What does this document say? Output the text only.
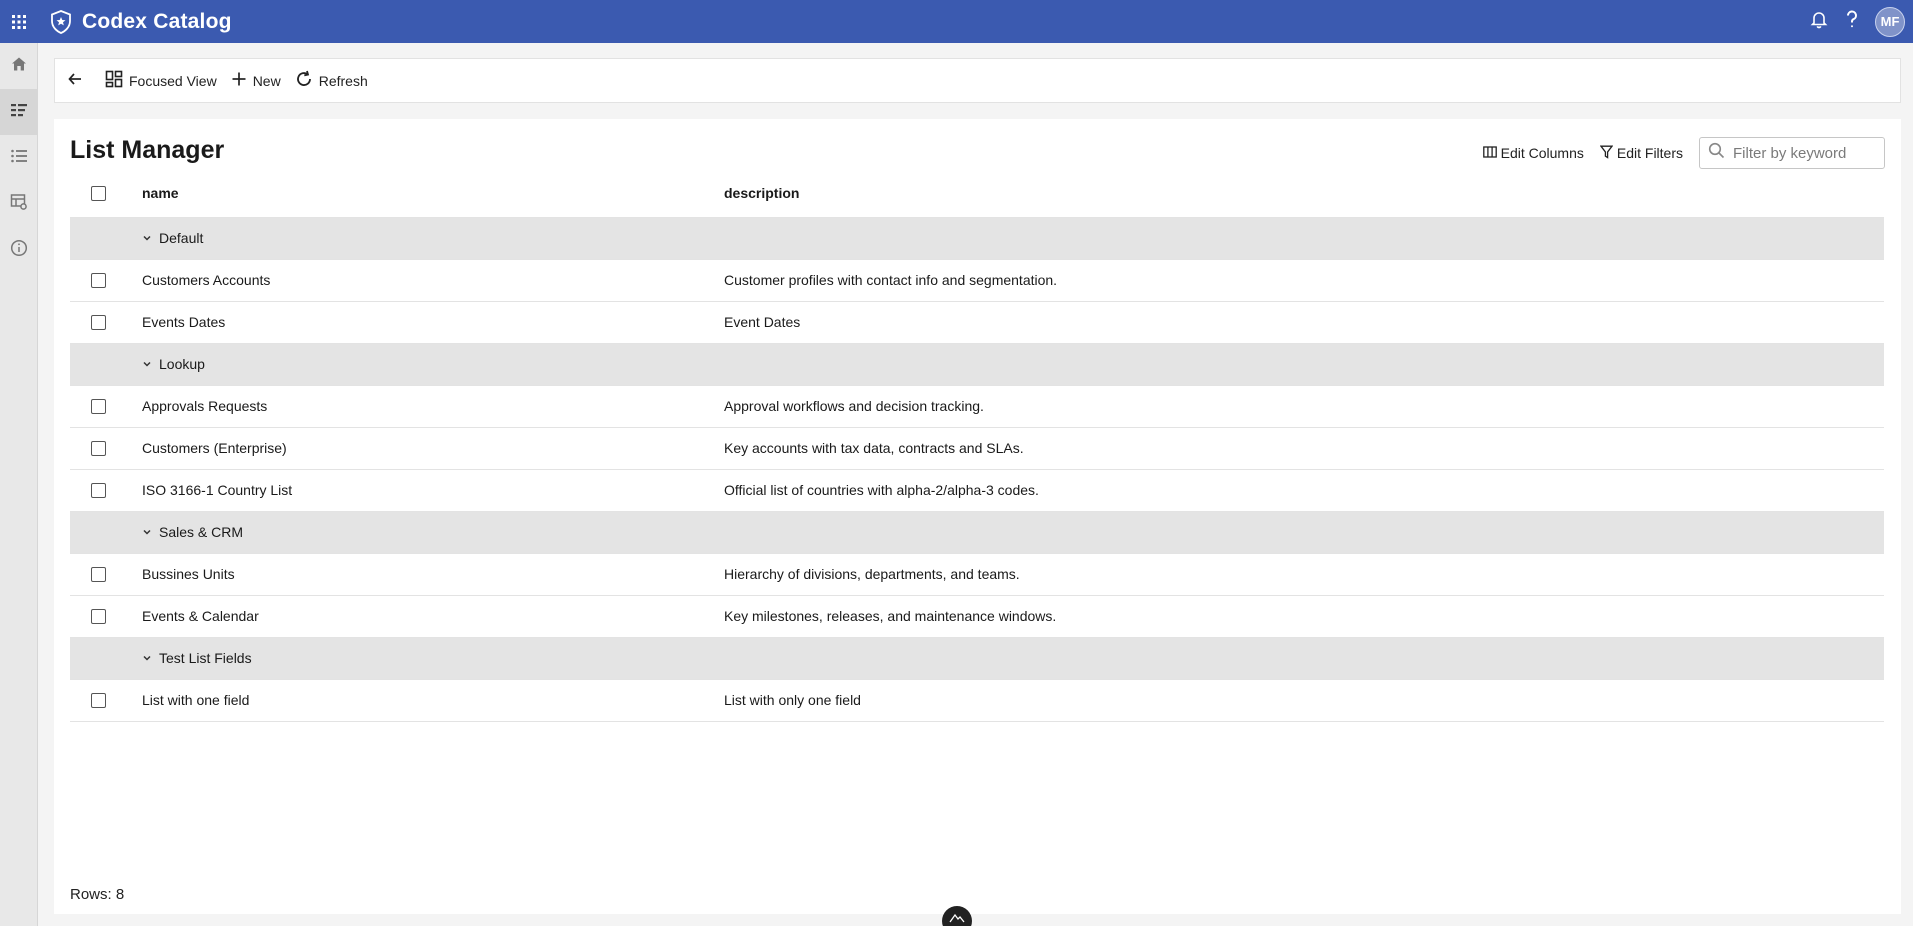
Codex Catalog	MF
Focused View	New	Refresh
List Manager	Edit Columns Edit Filters
Filter by keyword
	name	description

	Default	

	Customers Accounts	Customer profiles with contact info and segmentation.
	Events Dates	Event Dates

	Lookup	

	Approvals Requests	Approval workflows and decision tracking.
	Customers (Enterprise)	Key accounts with tax data, contracts and SLAs.
	ISO 3166-1 Country List	Official list of countries with alpha-2/alpha-3 codes.

	Sales & CRM	

	Bussines Units	Hierarchy of divisions, departments, and teams.
	Events & Calendar	Key milestones, releases, and maintenance windows.

	Test List Fields	

	List with one field	List with only one field
Rows: 8
